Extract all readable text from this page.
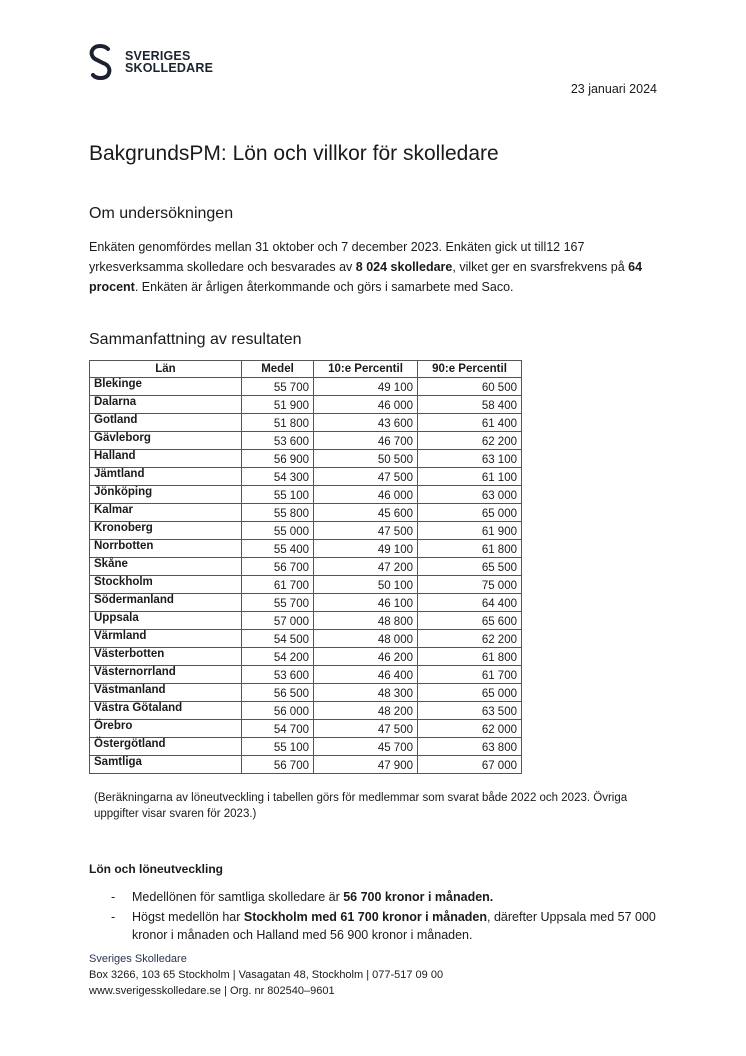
SVERIGES
SKOLLEDARE
23 januari 2024
BakgrundsPM: Lön och villkor för skolledare
Om undersökningen

Enkäten genomfördes mellan 31 oktober och 7 december 2023. Enkäten gick ut till12 167 yrkesverksamma skolledare och besvarades av 8 024 skolledare, vilket ger en svarsfrekvens på 64 procent. Enkäten är årligen återkommande och görs i samarbete med Saco.

Sammanfattning av resultaten
Län	Medel	10:e Percentil	90:e Percentil
Blekinge	55 700	49 100	60 500
Dalarna	51 900	46 000	58 400
Gotland	51 800	43 600	61 400
Gävleborg	53 600	46 700	62 200
Halland	56 900	50 500	63 100
Jämtland	54 300	47 500	61 100
Jönköping	55 100	46 000	63 000
Kalmar	55 800	45 600	65 000
Kronoberg	55 000	47 500	61 900
Norrbotten	55 400	49 100	61 800
Skåne	56 700	47 200	65 500
Stockholm	61 700	50 100	75 000
Södermanland	55 700	46 100	64 400
Uppsala	57 000	48 800	65 600
Värmland	54 500	48 000	62 200
Västerbotten	54 200	46 200	61 800
Västernorrland	53 600	46 400	61 700
Västmanland	56 500	48 300	65 000
Västra Götaland	56 000	48 200	63 500
Örebro	54 700	47 500	62 000
Östergötland	55 100	45 700	63 800
Samtliga	56 700	47 900	67 000

(Beräkningarna av löneutveckling i tabellen görs för medlemmar som svarat både 2022 och 2023. Övriga uppgifter visar svaren för 2023.)

Lön och löneutveckling

- Medellönen för samtliga skolledare är 56 700 kronor i månaden.
- Högst medellön har Stockholm med 61 700 kronor i månaden, därefter Uppsala med 57 000 kronor i månaden och Halland med 56 900 kronor i månaden.
Sveriges Skolledare
Box 3266, 103 65 Stockholm | Vasagatan 48, Stockholm | 077-517 09 00
www.sverigesskolledare.se | Org. nr 802540–9601
